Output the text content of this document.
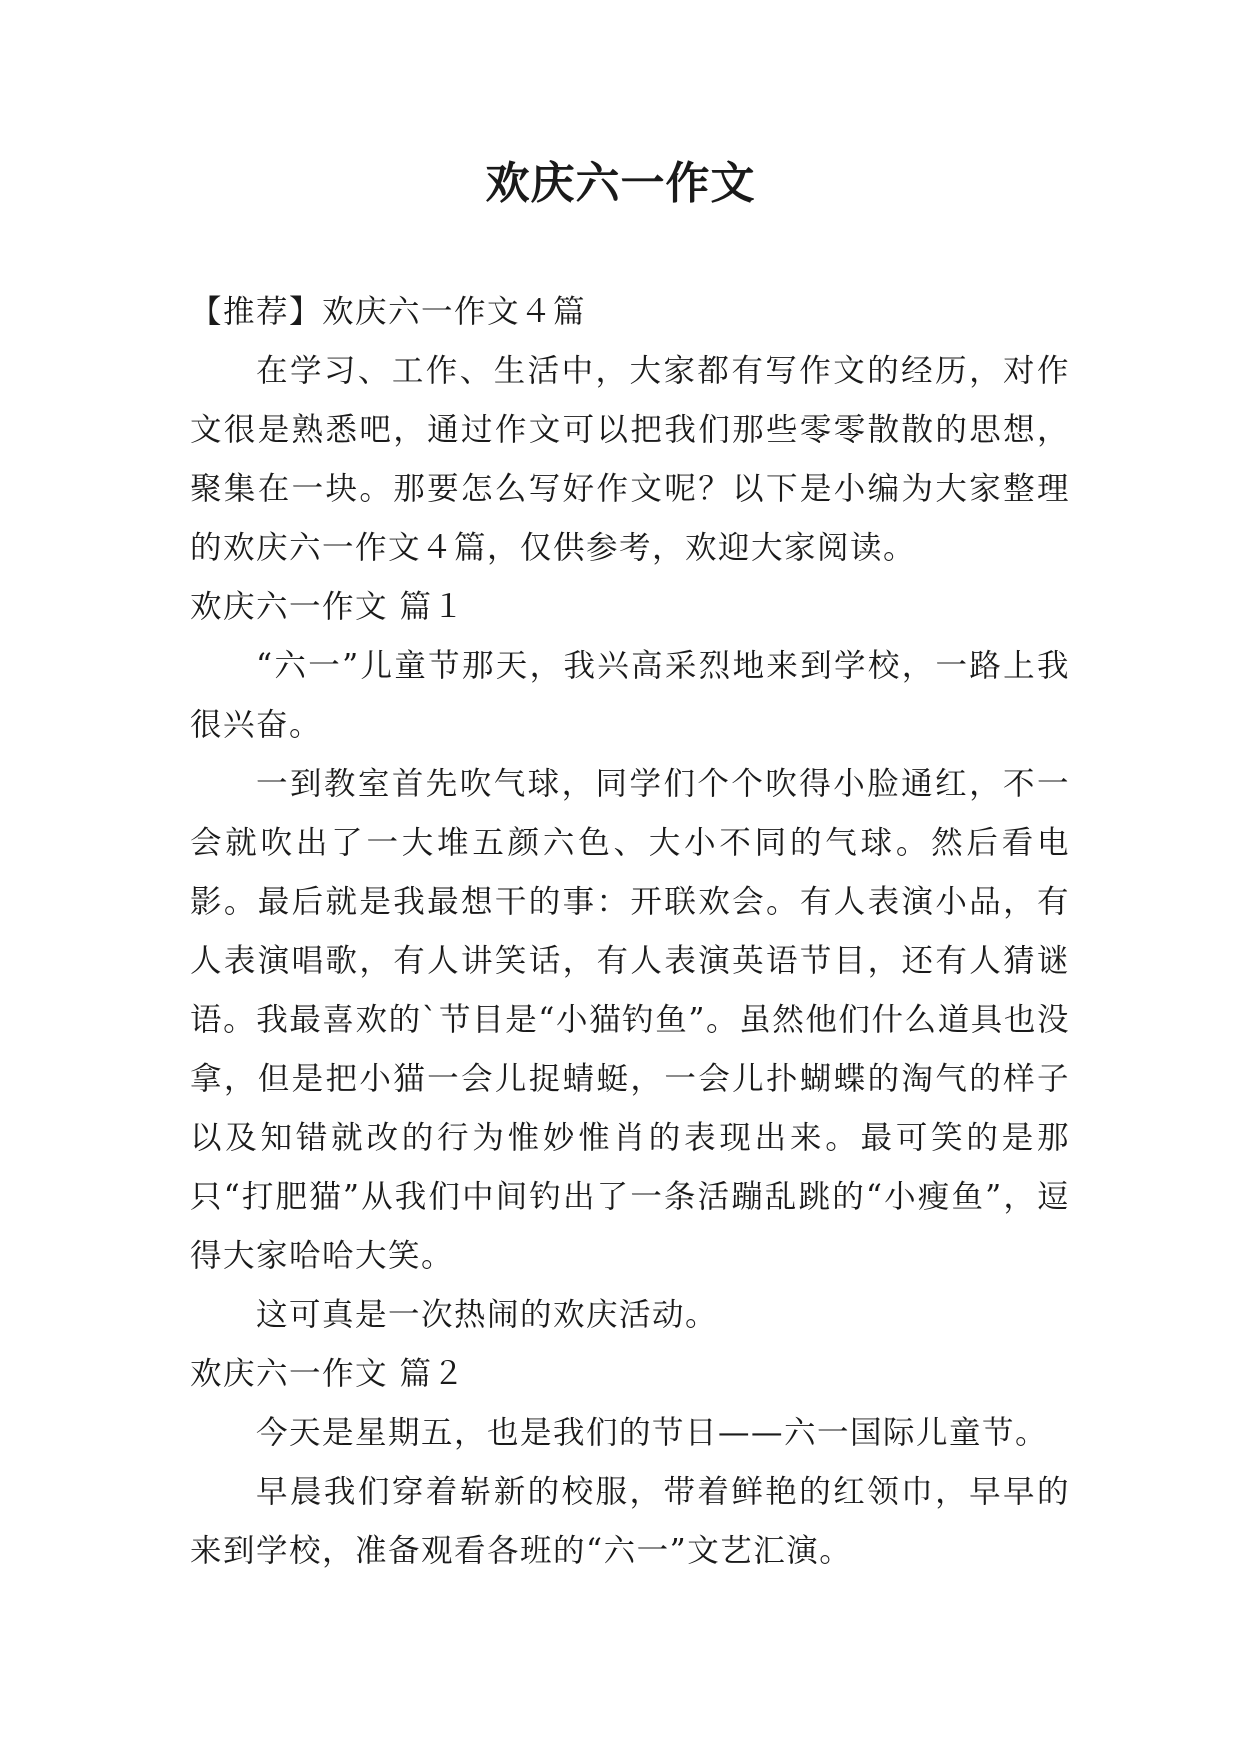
欢庆六一作文

【推荐】欢庆六一作文４篇

在学习、工作、生活中，大家都有写作文的经历，对作文很是熟悉吧，通过作文可以把我们那些零零散散的思想，聚集在一块。那要怎么写好作文呢？以下是小编为大家整理的欢庆六一作文４篇，仅供参考，欢迎大家阅读。

欢庆六一作文 篇１

“六一”儿童节那天，我兴高采烈地来到学校，一路上我很兴奋。

一到教室首先吹气球，同学们个个吹得小脸通红，不一会就吹出了一大堆五颜六色、大小不同的气球。然后看电影。最后就是我最想干的事：开联欢会。有人表演小品，有人表演唱歌，有人讲笑话，有人表演英语节目，还有人猜谜语。我最喜欢的`节目是“小猫钓鱼”。虽然他们什么道具也没拿，但是把小猫一会儿捉蜻蜓，一会儿扑蝴蝶的淘气的样子以及知错就改的行为惟妙惟肖的表现出来。最可笑的是那只“打肥猫”从我们中间钓出了一条活蹦乱跳的“小瘦鱼”，逗得大家哈哈大笑。

这可真是一次热闹的欢庆活动。

欢庆六一作文 篇２

今天是星期五，也是我们的节日——六一国际儿童节。

早晨我们穿着崭新的校服，带着鲜艳的红领巾，早早的来到学校，准备观看各班的“六一”文艺汇演。
